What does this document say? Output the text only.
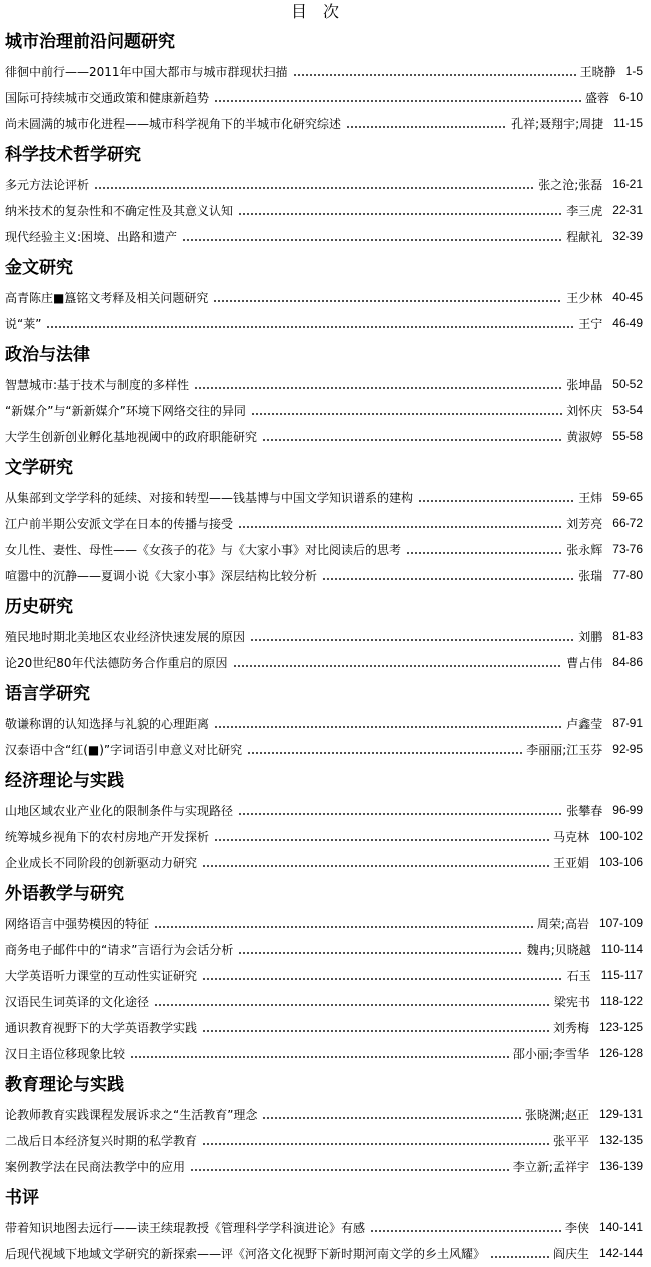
目　次
城市治理前沿问题研究
徘徊中前行——2011年中国大都市与城市群现状扫描	王晓静 1-5
国际可持续城市交通政策和健康新趋势	盛蓉 6-10
尚未圆满的城市化进程——城市科学视角下的半城市化研究综述	孔祥;聂翔宇;周捷 11-15
科学技术哲学研究
多元方法论评析	张之沧;张磊 16-21
纳米技术的复杂性和不确定性及其意义认知	李三虎 22-31
现代经验主义:困境、出路和遗产	程献礼 32-39
金文研究
高青陈庄■簋铭文考释及相关问题研究	王少林 40-45
说“莱”	王宁 46-49
政治与法律
智慧城市:基于技术与制度的多样性	张坤晶 50-52
“新媒介”与“新新媒介”环境下网络交往的异同	刘怀庆 53-54
大学生创新创业孵化基地视阈中的政府职能研究	黄淑婷 55-58
文学研究
从集部到文学学科的延续、对接和转型——钱基博与中国文学知识谱系的建构	王炜 59-65
江户前半期公安派文学在日本的传播与接受	刘芳亮 66-72
女儿性、妻性、母性——《女孩子的花》与《大家小事》对比阅读后的思考	张永辉 73-76
喧嚣中的沉静——夏调小说《大家小事》深层结构比较分析	张瑞 77-80
历史研究
殖民地时期北美地区农业经济快速发展的原因	刘鹏 81-83
论20世纪80年代法德防务合作重启的原因	曹占伟 84-86
语言学研究
敬谦称谓的认知选择与礼貌的心理距离	卢鑫莹 87-91
汉泰语中含“红(■)”字词语引申意义对比研究	李丽丽;江玉芬 92-95
经济理论与实践
山地区域农业产业化的限制条件与实现路径	张攀春 96-99
统筹城乡视角下的农村房地产开发探析	马克林 100-102
企业成长不同阶段的创新驱动力研究	王亚娟 103-106
外语教学与研究
网络语言中强势模因的特征	周荣;高岩 107-109
商务电子邮件中的“请求”言语行为会话分析	魏冉;贝晓越 110-114
大学英语听力课堂的互动性实证研究	石玉 115-117
汉语民生词英译的文化途径	梁宪书 118-122
通识教育视野下的大学英语教学实践	刘秀梅 123-125
汉日主语位移现象比较	邵小丽;李雪华 126-128
教育理论与实践
论教师教育实践课程发展诉求之“生活教育”理念	张晓渊;赵正 129-131
二战后日本经济复兴时期的私学教育	张平平 132-135
案例教学法在民商法教学中的应用	李立新;孟祥宇 136-139
书评
带着知识地图去远行——读王续琨教授《管理科学学科演进论》有感	李侠 140-141
后现代视域下地域文学研究的新探索——评《河洛文化视野下新时期河南文学的乡土风耀》	阎庆生 142-144
